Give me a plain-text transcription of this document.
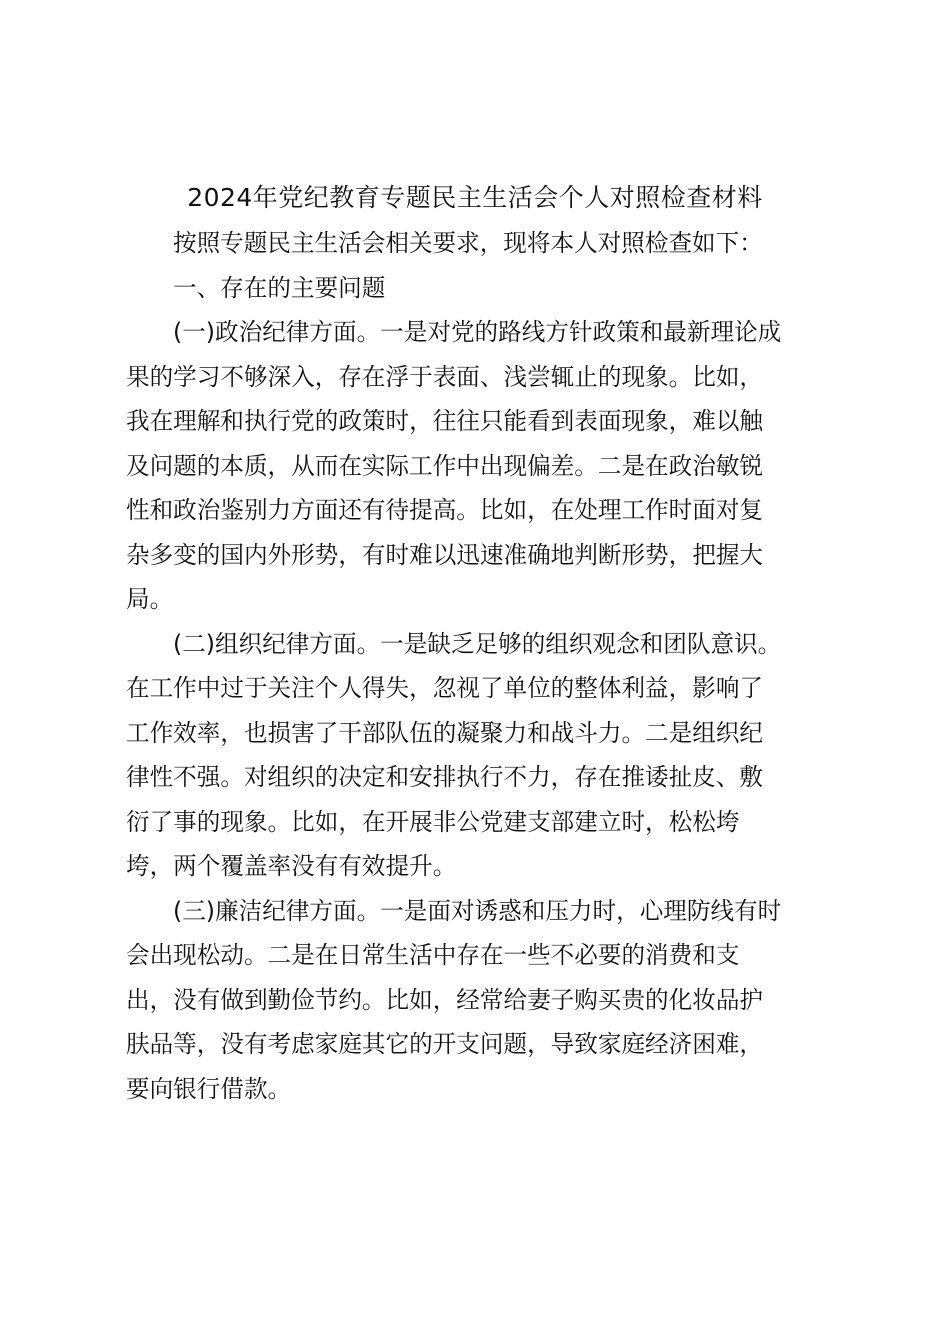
2024年党纪教育专题民主生活会个人对照检查材料
按照专题民主生活会相关要求，现将本人对照检查如下：
一、存在的主要问题
(一)政治纪律方面。一是对党的路线方针政策和最新理论成
果的学习不够深入，存在浮于表面、浅尝辄止的现象。比如，
我在理解和执行党的政策时，往往只能看到表面现象，难以触
及问题的本质，从而在实际工作中出现偏差。二是在政治敏锐
性和政治鉴别力方面还有待提高。比如，在处理工作时面对复
杂多变的国内外形势，有时难以迅速准确地判断形势，把握大
局。
(二)组织纪律方面。一是缺乏足够的组织观念和团队意识。
在工作中过于关注个人得失，忽视了单位的整体利益，影响了
工作效率，也损害了干部队伍的凝聚力和战斗力。二是组织纪
律性不强。对组织的决定和安排执行不力，存在推诿扯皮、敷
衍了事的现象。比如，在开展非公党建支部建立时，松松垮
垮，两个覆盖率没有有效提升。
(三)廉洁纪律方面。一是面对诱惑和压力时，心理防线有时
会出现松动。二是在日常生活中存在一些不必要的消费和支
出，没有做到勤俭节约。比如，经常给妻子购买贵的化妆品护
肤品等，没有考虑家庭其它的开支问题，导致家庭经济困难，
要向银行借款。
